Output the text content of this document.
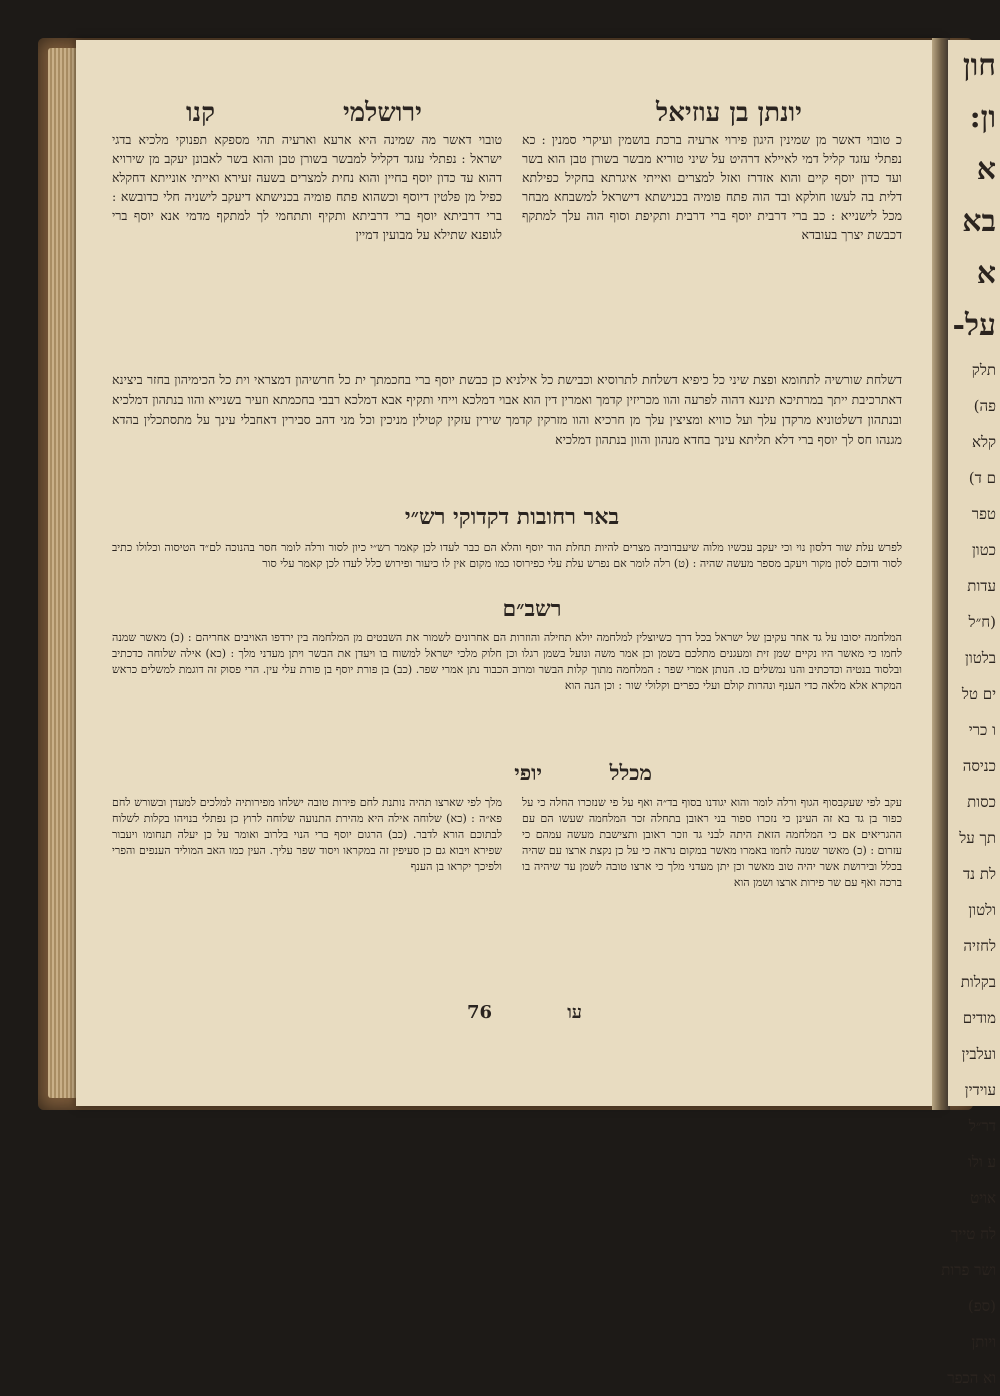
יונתן בן עוזיאל
ירושלמי
קנו

כ טובוי דאשר מן שמינין היגון פירוי ארעיה ברכת בושמין ועיקרי סמנין : כא נפתלי עזגד קליל דמי לאיילא דרהיט על שיני טוריא מבשר בשורן טבן הוא בשר ועד כדון יוסף קיים והוא אזדרז ואזל למצרים ואייתי איגרתא בחקיל כפילתא דלית בה לעשו חולקא ובד הוה פתח פומיה בכנישתא דישראל למשבחא מבחר מכל לישנייא : כב ברי דרבית יוסף ברי דרבית ותקיפת וסוף הוה עלך למתקף דכבשת יצרך בעובדא

טובוי דאשר מה שמינה היא ארעא וארעיה תהי מספקא תפנוקי מלכיא בדגי ישראל : נפתלי עזגד דקליל למבשר בשורן טבן והוא בשר לאבונן יעקב מן שירויא דהוא עד כדון יוסף בחיין והוא נחית למצרים בשעה זעירא ואייתי אונייתא דחקלא כפיל מן פלטין דיוסף וכשהוא פתח פומיה בכנישתא דיעקב לישניה חלי כדובשא : ברי דרביתא יוסף ברי דרביתא ותקיף ותתחמי לך למתקף מדמי אנא יוסף ברי לגופנא שתילא על מבועין דמיין

דשלחת שורשיה לתחומא ופצת שיני כל כיפיא דשלחת לתרוסיא וכבישת כל אילניא כן כבשת יוסף ברי בחכמתך ית כל חרשיהון דמצראי וית כל הכימיהון בחזר ביצינא דאתרכיבת ייתך במרתיכא תיננא דהוה לפרעה והוו מכריזין קדמך ואמרין דין הוא אבוי דמלכא וייחי ותקיף אבא דמלכא רבבי בחכמתא וזעיר בשנייא והוו בנתהון דמלכיא ובנתהון דשלטוניא מרקדן עלך ועל כוויא ומציצין עלך מן חרכיא והוו מזרקין קדמך שירין עזקין קטילין מניכין וכל מני דהב סבירין דאחבלי עינך על מתסתכלין בהדא מגנהו חס לך יוסף ברי דלא תליתא עינך בחדא מנהון והוון בנתהון דמלכיא

באר רחובות דקדוקי רש״י

לפרש עלת שור דלסון נוי וכי יעקב עכשיו מלוה שיעבדוביה מצרים להיות תחלת הוד יוסף והלא הם כבר לעדו לכן קאמר רש״י כיון לסור ורלה לומר חסר בהנוכה לם״ד הטיסוה וכלולו כתיב לסור ודוכם לסון מקור ויעקב מספר מעשה שהיה : (ט) רלה לומר אם נפרש עלת עלי כפירוסו כמו מקום אין לו כיעור ופירוש כלל לעדו לכן קאמר עלי סור

רשב״ם

המלחמה יסובו על גד אחר עקיבן של ישראל בכל דרך כשיוצלין למלחמה יולא תחילה והוזרות הם אחרונים לשמור את השבטים מן המלחמה בין ירדפו האויבים אחריהם : (כ) מאשר שמנה לחמו כי מאשר היו נקיים שמן זית ומעגנים מתלכם בשמן וכן אמר משה ונועל בשמן רגלו וכן חלוק מלכי ישראל למשוח בו ויעדן את הבשר ויתן מעדני מלך : (כא) אילה שלוחה כדכתיב ובלסוד בנטיה וכדכתיב והנו נמשלים כו. הנותן אמרי שפר : המלחמה מתוך קלות הבשר ומרוב הכבוד נתן אמרי שפר. (כב) בן פורת יוסף בן פורת עלי עין. הרי פסוק זה דוגמת למשלים כראש המקרא אלא מלאה כדי הענף ונהרות קולם ועלי כפרים וקלולי שור : וכן הנה הוא

מכלל
יופי

עקב לפי שעקבסוף הגוף ורלה לומר והוא יגודנו בסוף בד״ה ואף על פי שנזכרו החלה כי על כפור בן גד בא זה העינן כי נזכרו ספור בני ראובן בתחלה זכר המלחמה שעשו הם עם ההגריאים אם כי המלחמה הזאת היתה לבני גד וזכר ראובן ותצישבת מעשה עמהם כי עזרום : (כ) מאשר שמנה לחמו באמרו מאשר במקום נראה כי על כן נקצת ארצו עם שהיה בכלל ובירושת אשר יהיה טוב מאשר וכן יתן מעדני מלך כי ארצו טובה לשמן עד שיהיה בו ברכה ואף עם שר פירות ארצו ושמן הוא

מלך לפי שארצו תהיה נותנת לחם פירות טובה ישלחו מפירותיה למלכים למעדן ובשורש לחם פא״ה : (כא) שלוחה אילה היא מהירת התנועה שלוחה לרוץ כן נפתלי בנויהו בקלות לשלוח לבתוכם הורא לדבר. (כב) הרגום יוסף ברי הנוי בלרוב ואומר על כן יעלה תנחומו ויעבור שפירא ויבוא גם כן סעיפין זה במקראו ויסוד שפר עליך. העין כמו האב המוליד הענפים והפרי ולפיכך יקראו בן הענף

76	עו
חון
ון:
א
בא
א
על-
תלק
פה)
קלא
ם ד)
טפר
כטון
עדות
(ח״ל
בלטון
ים טל
ו כרי
כניסה
כסות
תך על
לת נד
ולטון
לחזיה
בקלות
מודים
ועלבין
עוידין
דר״ל
ע ולו
אויט
לח טייך
ושר פרות
(ספ)
ויותן
וא הכפר
